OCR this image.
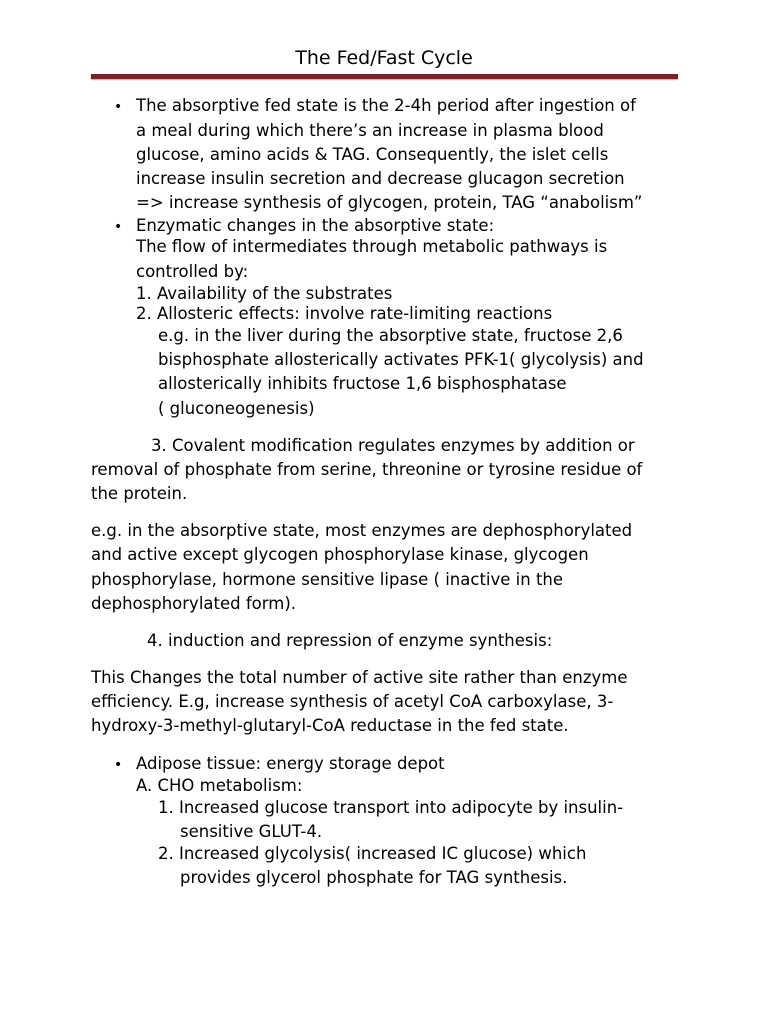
The Fed/Fast Cycle
• The absorptive fed state is the 2-4h period after ingestion of
a meal during which there’s an increase in plasma blood
glucose, amino acids & TAG. Consequently, the islet cells
increase insulin secretion and decrease glucagon secretion
=> increase synthesis of glycogen, protein, TAG “anabolism”
• Enzymatic changes in the absorptive state:
The flow of intermediates through metabolic pathways is
controlled by:
1. Availability of the substrates
2. Allosteric effects: involve rate-limiting reactions
e.g. in the liver during the absorptive state, fructose 2,6
bisphosphate allosterically activates PFK-1( glycolysis) and
allosterically inhibits fructose 1,6 bisphosphatase
( gluconeogenesis)
3. Covalent modification regulates enzymes by addition or
removal of phosphate from serine, threonine or tyrosine residue of
the protein.
e.g. in the absorptive state, most enzymes are dephosphorylated
and active except glycogen phosphorylase kinase, glycogen
phosphorylase, hormone sensitive lipase ( inactive in the
dephosphorylated form).
4. induction and repression of enzyme synthesis:
This Changes the total number of active site rather than enzyme
efficiency. E.g, increase synthesis of acetyl CoA carboxylase, 3-
hydroxy-3-methyl-glutaryl-CoA reductase in the fed state.
• Adipose tissue: energy storage depot
A. CHO metabolism:
1. Increased glucose transport into adipocyte by insulin-
sensitive GLUT-4.
2. Increased glycolysis( increased IC glucose) which
provides glycerol phosphate for TAG synthesis.
